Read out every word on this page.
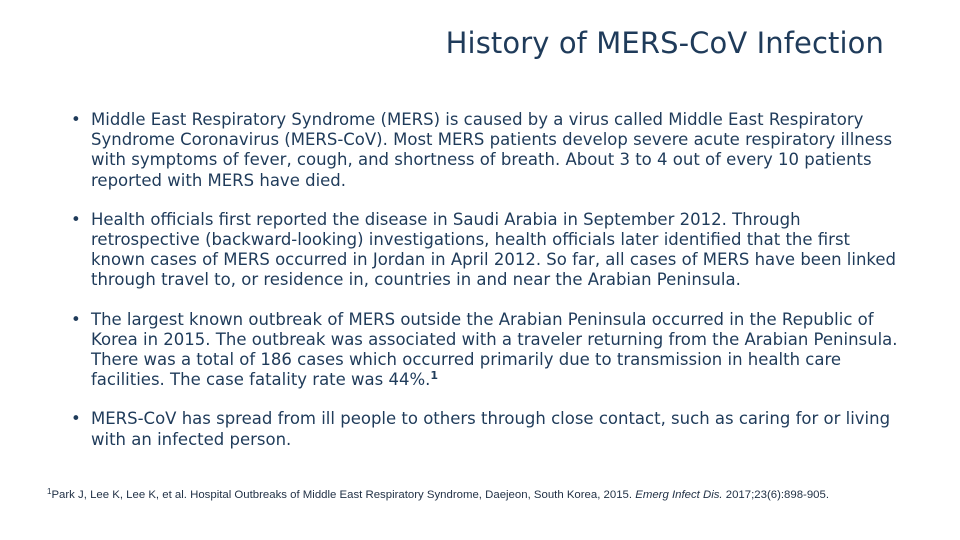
History of MERS-CoV Infection
• Middle East Respiratory Syndrome (MERS) is caused by a virus called Middle East Respiratory Syndrome Coronavirus (MERS-CoV). Most MERS patients develop severe acute respiratory illness with symptoms of fever, cough, and shortness of breath. About 3 to 4 out of every 10 patients reported with MERS have died.
• Health officials first reported the disease in Saudi Arabia in September 2012. Through retrospective (backward-looking) investigations, health officials later identified that the first known cases of MERS occurred in Jordan in April 2012. So far, all cases of MERS have been linked through travel to, or residence in, countries in and near the Arabian Peninsula.
• The largest known outbreak of MERS outside the Arabian Peninsula occurred in the Republic of Korea in 2015. The outbreak was associated with a traveler returning from the Arabian Peninsula. There was a total of 186 cases which occurred primarily due to transmission in health care facilities. The case fatality rate was 44%.$^1$
• MERS-CoV has spread from ill people to others through close contact, such as caring for or living with an infected person.
$^1$Park J, Lee K, Lee K, et al. Hospital Outbreaks of Middle East Respiratory Syndrome, Daejeon, South Korea, 2015. Emerg Infect Dis. 2017;23(6):898-905.
